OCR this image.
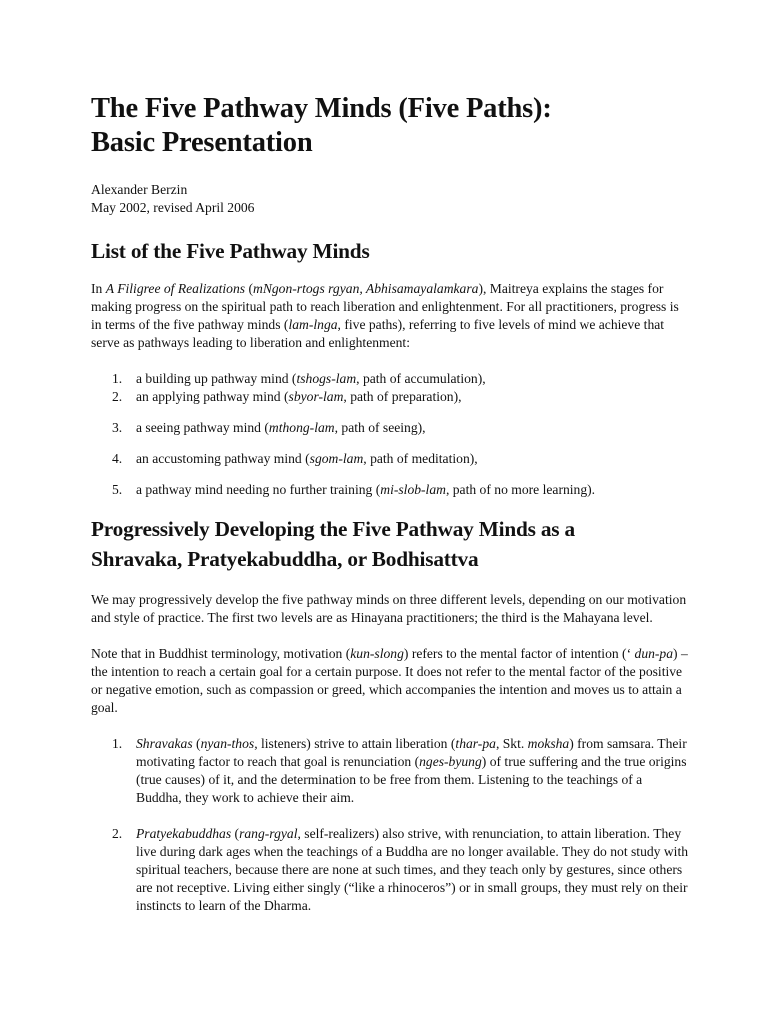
The Five Pathway Minds (Five Paths):
Basic Presentation
Alexander Berzin
May 2002, revised April 2006
List of the Five Pathway Minds

In A Filigree of Realizations (mNgon-rtogs rgyan, Abhisamayalamkara), Maitreya explains the stages for making progress on the spiritual path to reach liberation and enlightenment. For all practitioners, progress is in terms of the five pathway minds (lam-lnga, five paths), referring to five levels of mind we achieve that serve as pathways leading to liberation and enlightenment:

1. a building up pathway mind (tshogs-lam, path of accumulation),
2. an applying pathway mind (sbyor-lam, path of preparation),
3. a seeing pathway mind (mthong-lam, path of seeing),
4. an accustoming pathway mind (sgom-lam, path of meditation),
5. a pathway mind needing no further training (mi-slob-lam, path of no more learning).
Progressively Developing the Five Pathway Minds as a
Shravaka, Pratyekabuddha, or Bodhisattva

We may progressively develop the five pathway minds on three different levels, depending on our motivation and style of practice. The first two levels are as Hinayana practitioners; the third is the Mahayana level.

Note that in Buddhist terminology, motivation (kun-slong) refers to the mental factor of intention (‘ dun-pa) – the intention to reach a certain goal for a certain purpose. It does not refer to the mental factor of the positive or negative emotion, such as compassion or greed, which accompanies the intention and moves us to attain a goal.

1. Shravakas (nyan-thos, listeners) strive to attain liberation (thar-pa, Skt. moksha) from samsara. Their motivating factor to reach that goal is renunciation (nges-byung) of true suffering and the true origins (true causes) of it, and the determination to be free from them. Listening to the teachings of a Buddha, they work to achieve their aim.
2. Pratyekabuddhas (rang-rgyal, self-realizers) also strive, with renunciation, to attain liberation. They live during dark ages when the teachings of a Buddha are no longer available. They do not study with spiritual teachers, because there are none at such times, and they teach only by gestures, since others are not receptive. Living either singly (“like a rhinoceros”) or in small groups, they must rely on their instincts to learn of the Dharma.
